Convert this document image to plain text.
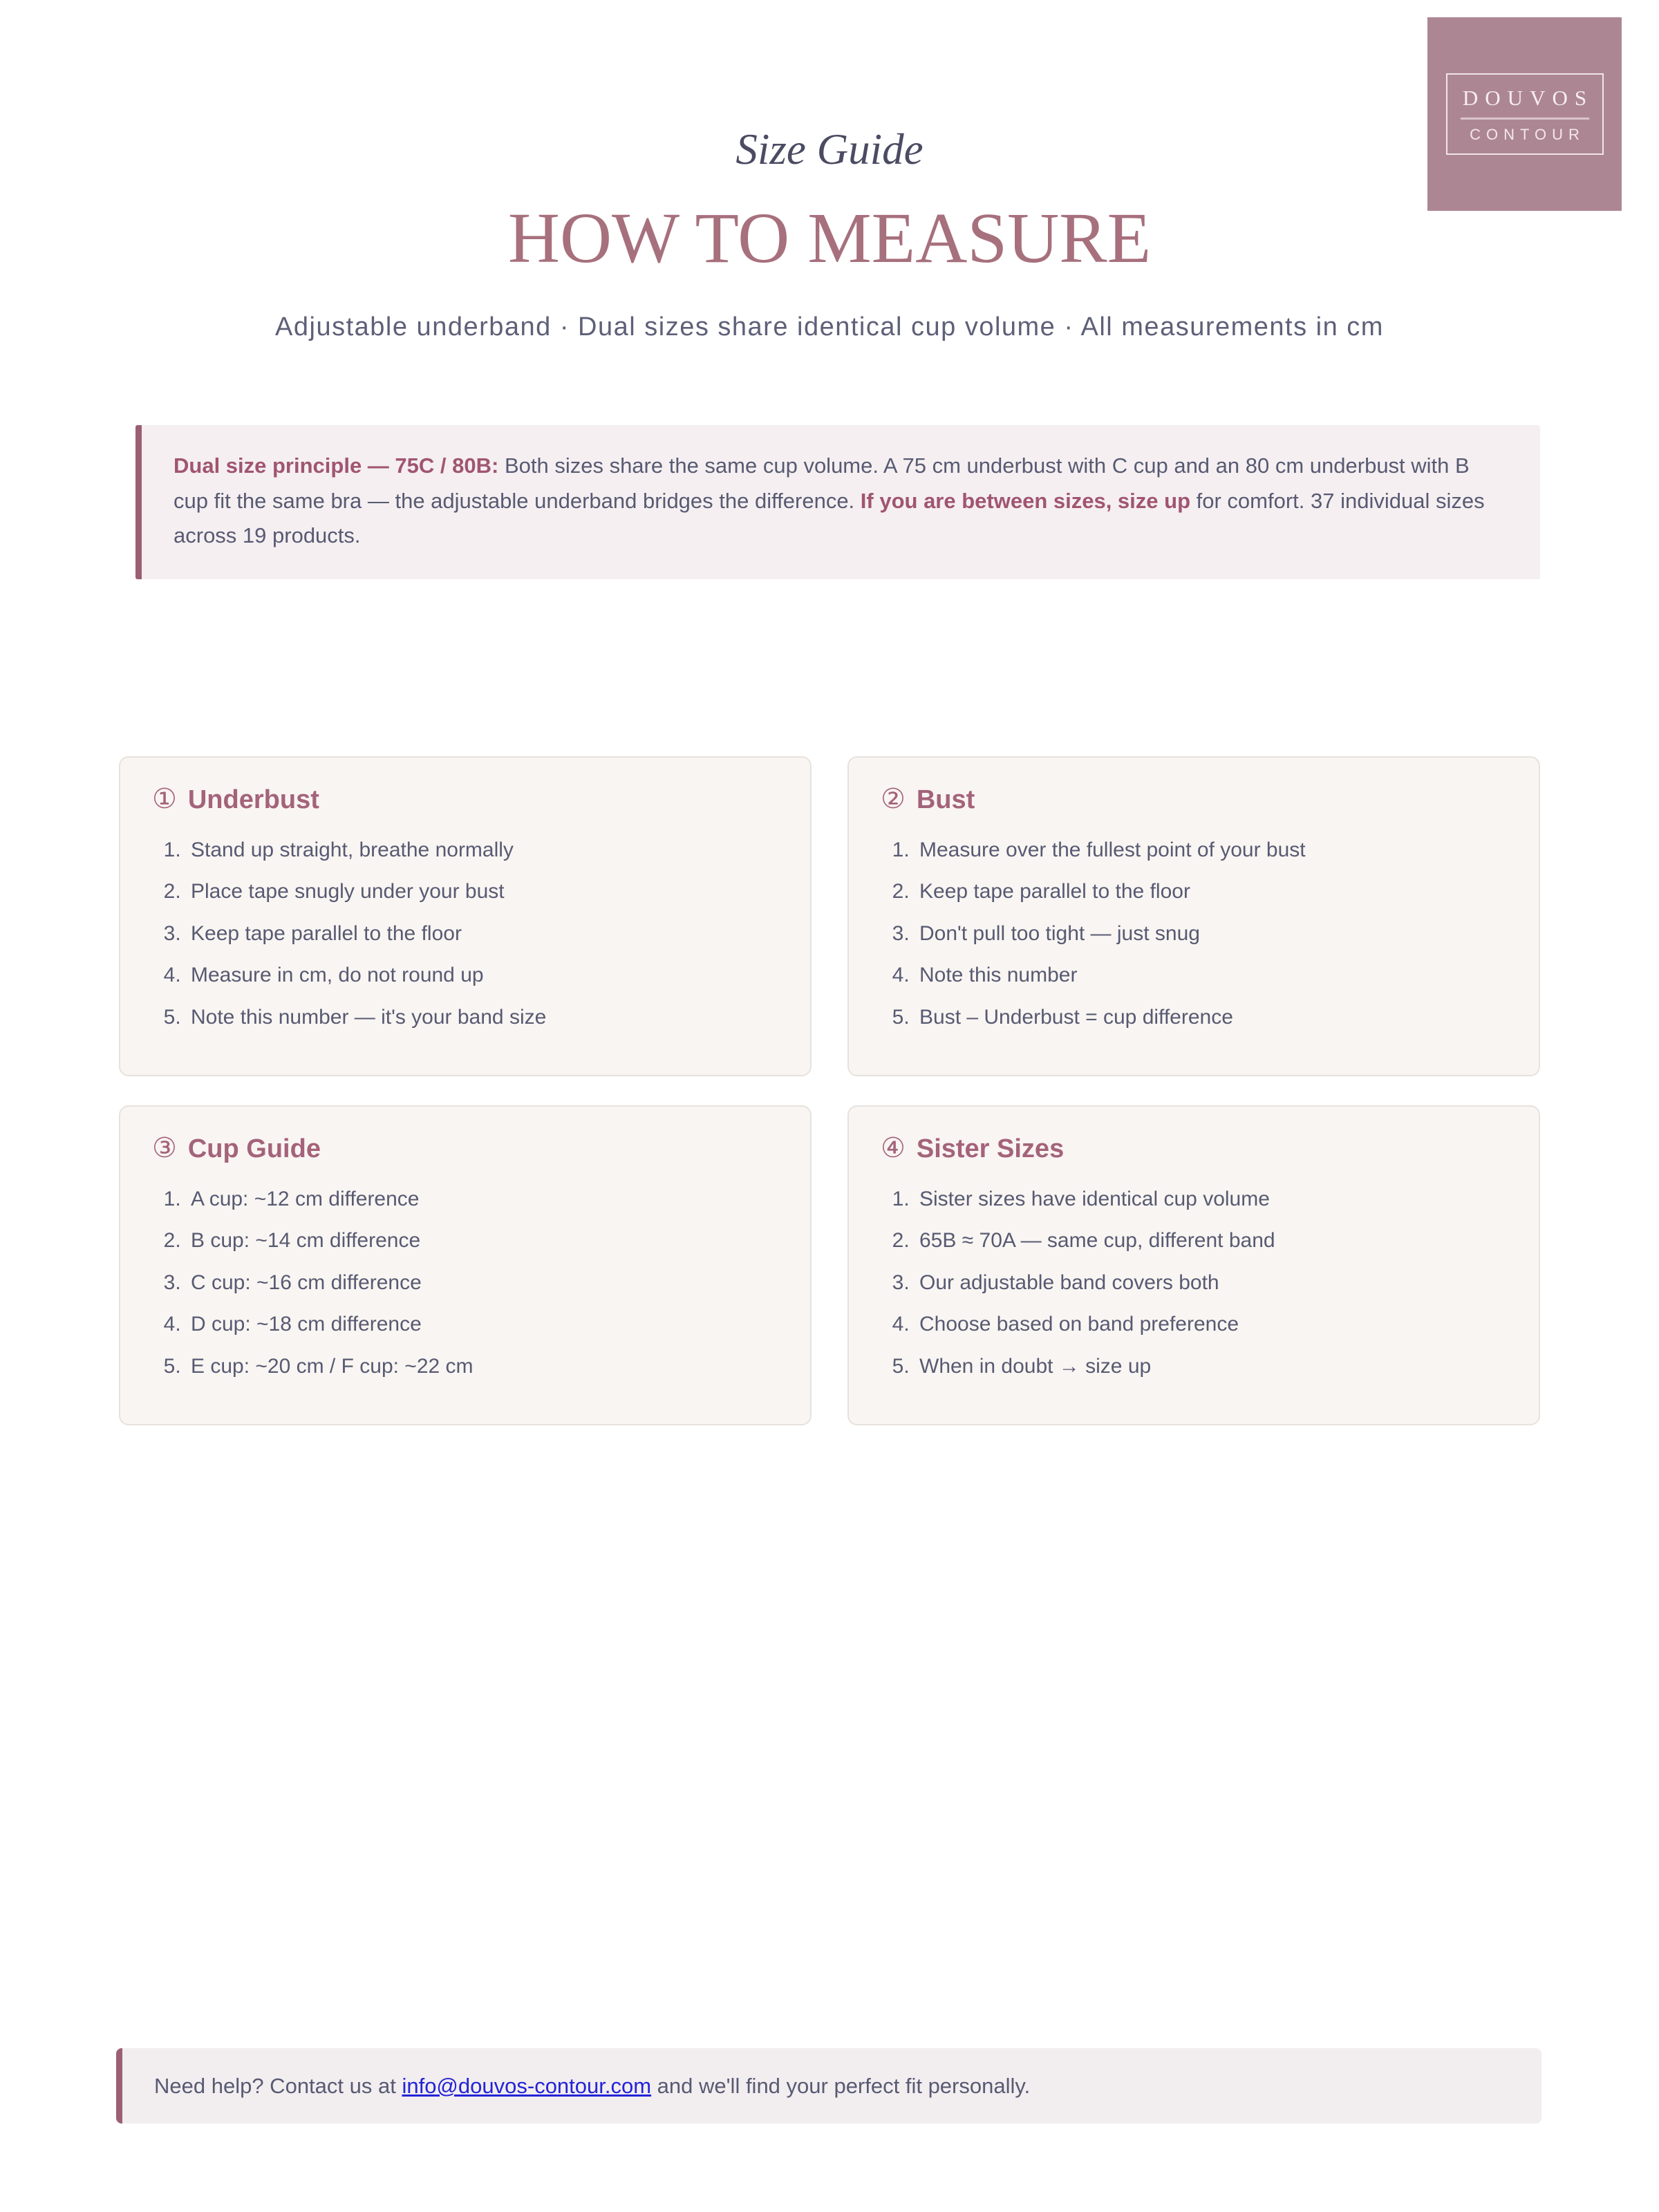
DOUVOS
CONTOUR
Size Guide
HOW TO MEASURE
Adjustable underband · Dual sizes share identical cup volume · All measurements in cm
Dual size principle — 75C / 80B: Both sizes share the same cup volume. A 75 cm underbust with C cup and an 80 cm underbust with B cup fit the same bra — the adjustable underband bridges the difference. If you are between sizes, size up for comfort. 37 individual sizes across 19 products.
① Underbust
1. Stand up straight, breathe normally
2. Place tape snugly under your bust
3. Keep tape parallel to the floor
4. Measure in cm, do not round up
5. Note this number — it's your band size
② Bust
1. Measure over the fullest point of your bust
2. Keep tape parallel to the floor
3. Don't pull too tight — just snug
4. Note this number
5. Bust – Underbust = cup difference
③ Cup Guide
1. A cup: ~12 cm difference
2. B cup: ~14 cm difference
3. C cup: ~16 cm difference
4. D cup: ~18 cm difference
5. E cup: ~20 cm / F cup: ~22 cm
④ Sister Sizes
1. Sister sizes have identical cup volume
2. 65B ≈ 70A — same cup, different band
3. Our adjustable band covers both
4. Choose based on band preference
5. When in doubt → size up
Need help? Contact us at info@douvos-contour.com and we'll find your perfect fit personally.
